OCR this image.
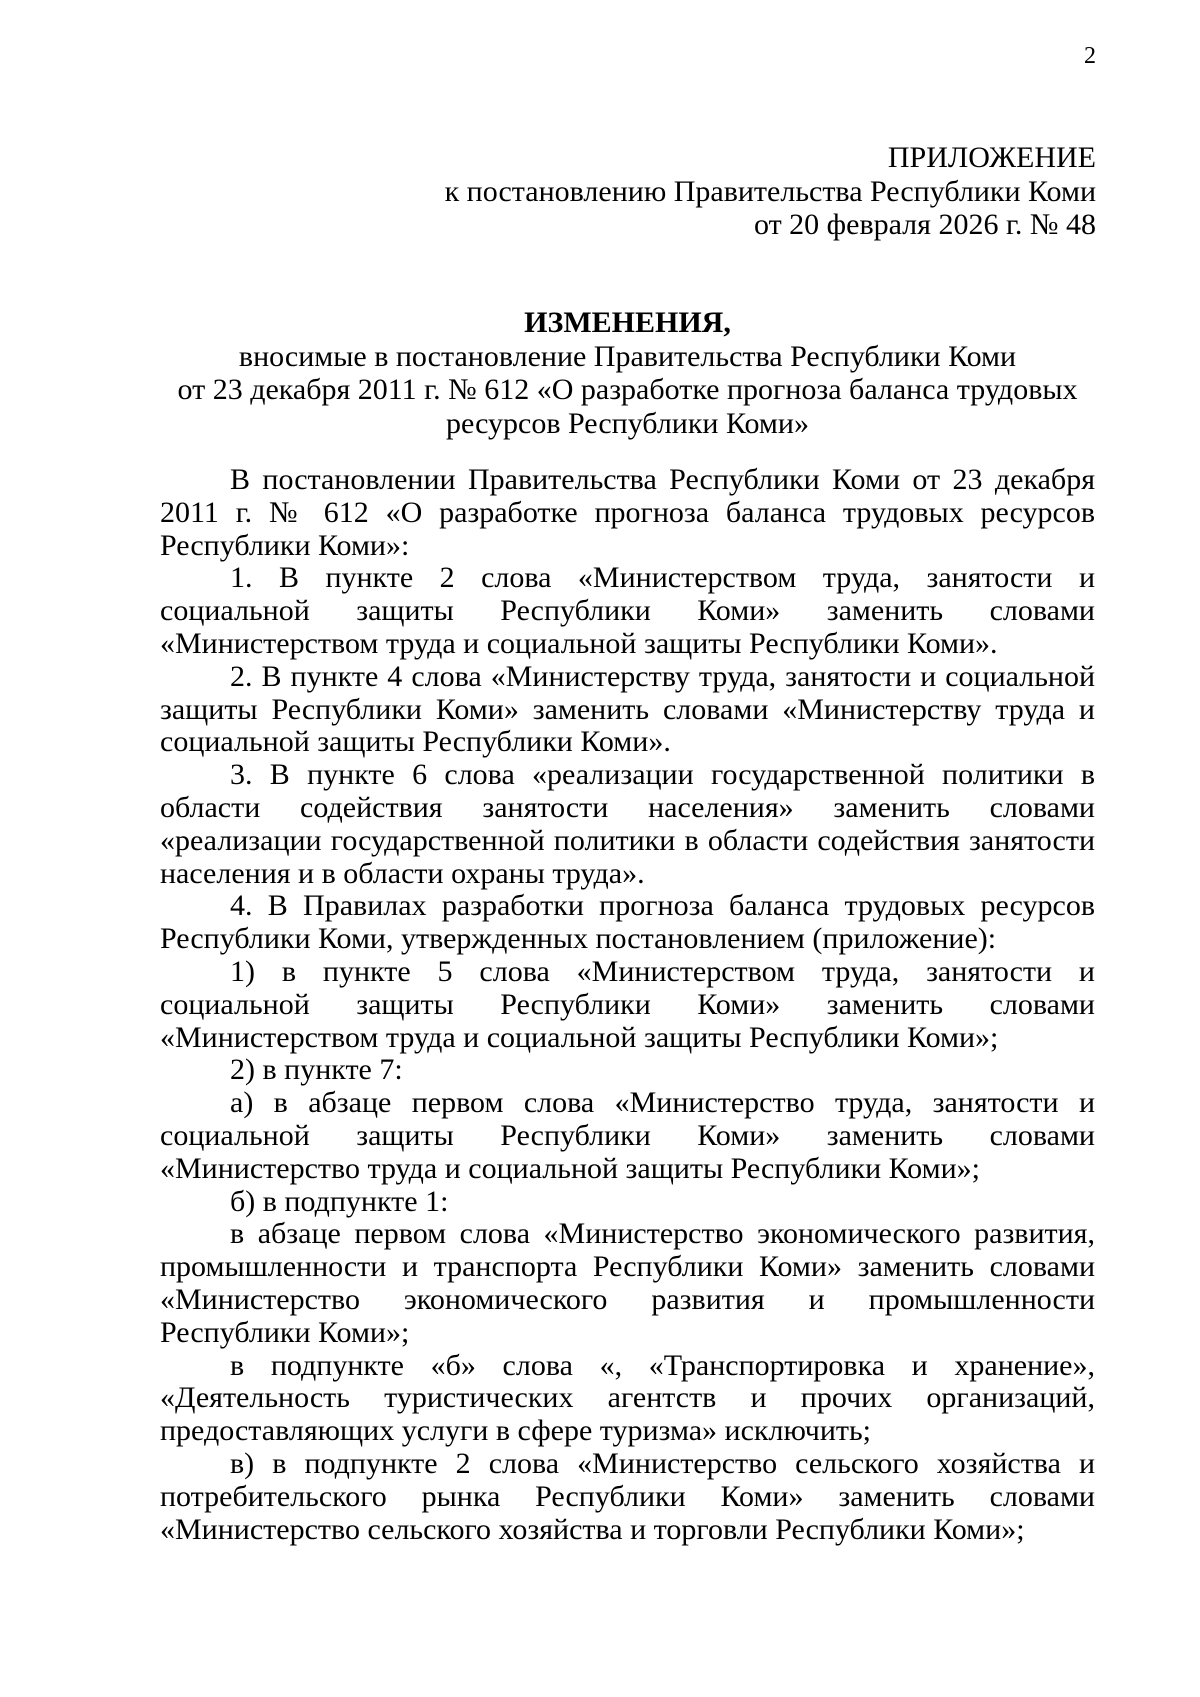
2
ПРИЛОЖЕНИЕ
к постановлению Правительства Республики Коми
от 20 февраля 2026 г. № 48
ИЗМЕНЕНИЯ,
вносимые в постановление Правительства Республики Коми
от 23 декабря 2011 г. № 612 «О разработке прогноза баланса трудовых
ресурсов Республики Коми»

В постановлении Правительства Республики Коми от 23 декабря 2011 г. № 612 «О разработке прогноза баланса трудовых ресурсов Республики Коми»:

1. В пункте 2 слова «Министерством труда, занятости и социальной защиты Республики Коми» заменить словами «Министерством труда и социальной защиты Республики Коми».

2. В пункте 4 слова «Министерству труда, занятости и социальной защиты Республики Коми» заменить словами «Министерству труда и социальной защиты Республики Коми».

3. В пункте 6 слова «реализации государственной политики в области содействия занятости населения» заменить словами «реализации государственной политики в области содействия занятости населения и в области охраны труда».

4. В Правилах разработки прогноза баланса трудовых ресурсов Республики Коми, утвержденных постановлением (приложение):

1) в пункте 5 слова «Министерством труда, занятости и социальной защиты Республики Коми» заменить словами «Министерством труда и социальной защиты Республики Коми»;

2) в пункте 7:

а) в абзаце первом слова «Министерство труда, занятости и социальной защиты Республики Коми» заменить словами «Министерство труда и социальной защиты Республики Коми»;

б) в подпункте 1:

в абзаце первом слова «Министерство экономического развития, промышленности и транспорта Республики Коми» заменить словами «Министерство экономического развития и промышленности Республики Коми»;

в подпункте «б» слова «, «Транспортировка и хранение», «Деятельность туристических агентств и прочих организаций, предоставляющих услуги в сфере туризма» исключить;

в) в подпункте 2 слова «Министерство сельского хозяйства и потребительского рынка Республики Коми» заменить словами «Министерство сельского хозяйства и торговли Республики Коми»;
